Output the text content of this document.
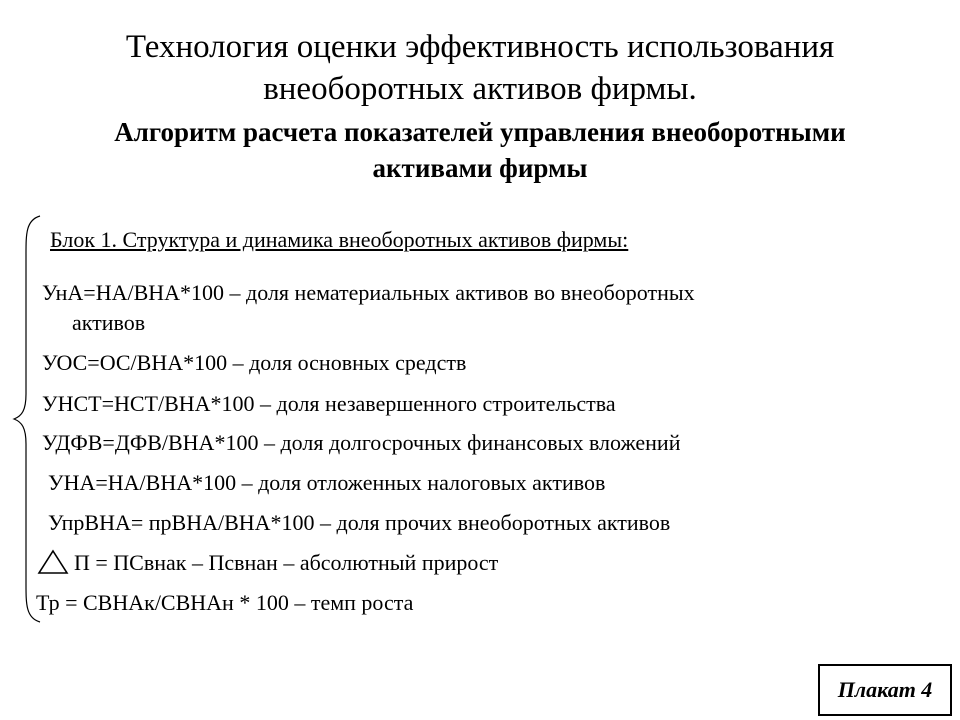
Технология оценки эффективность использования
внеоборотных активов фирмы.
Алгоритм расчета показателей управления внеоборотными
активами фирмы
Блок 1. Структура и динамика внеоборотных активов фирмы:
УнА=НА/ВНА*100 – доля нематериальных активов во внеоборотных
активов
УОС=ОС/ВНА*100 – доля основных средств
УНСТ=НСТ/ВНА*100 – доля незавершенного строительства
УДФВ=ДФВ/ВНА*100 – доля долгосрочных финансовых вложений
УНА=НА/ВНА*100 – доля отложенных налоговых активов
УпрВНА= прВНА/ВНА*100 – доля прочих внеоборотных активов
П = ПСвнак – Псвнан – абсолютный прирост
Тр = СВНАк/СВНАн * 100 – темп роста
Плакат 4
